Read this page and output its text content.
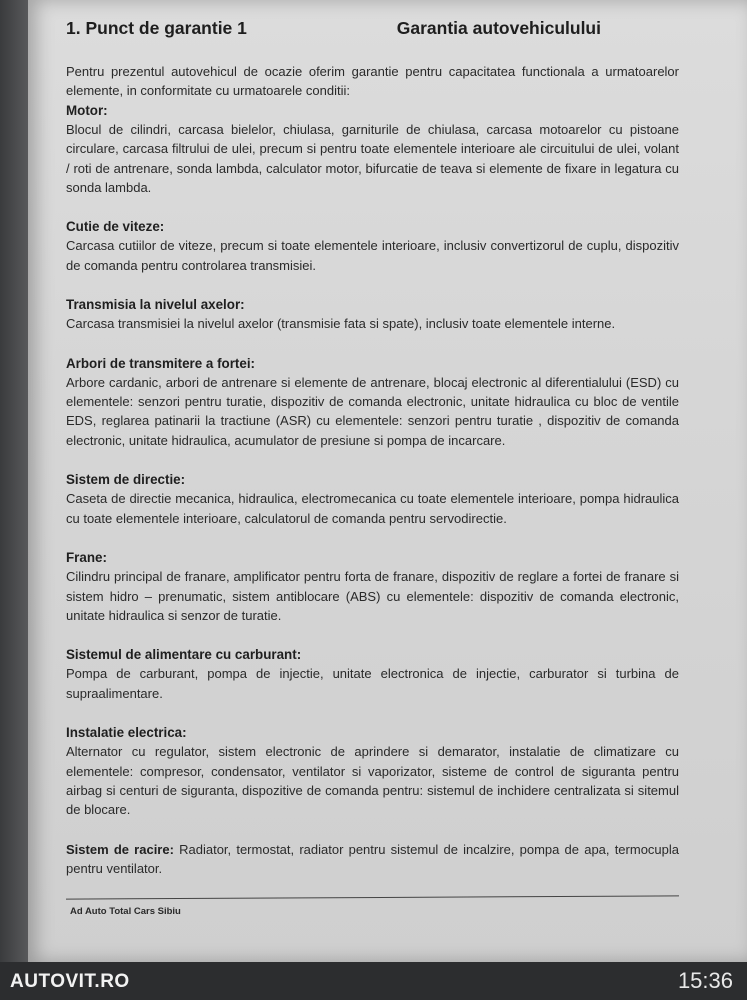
1. Punct de garantie 1	Garantia autovehiculului

Pentru prezentul autovehicul de ocazie oferim garantie pentru capacitatea functionala a urmatoarelor elemente, in conformitate cu urmatoarele conditii:

Motor:

Blocul de cilindri, carcasa bielelor, chiulasa, garniturile de chiulasa, carcasa motoarelor cu pistoane circulare, carcasa filtrului de ulei, precum si pentru toate elementele interioare ale circuitului de ulei, volant / roti de antrenare, sonda lambda, calculator motor, bifurcatie de teava si elemente de fixare in legatura cu sonda lambda.

Cutie de viteze:

Carcasa cutiilor de viteze, precum si toate elementele interioare, inclusiv convertizorul de cuplu, dispozitiv de comanda pentru controlarea transmisiei.

Transmisia la nivelul axelor:

Carcasa transmisiei la nivelul axelor (transmisie fata si spate), inclusiv toate elementele interne.

Arbori de transmitere a fortei:

Arbore cardanic, arbori de antrenare si elemente de antrenare, blocaj electronic al diferentialului (ESD) cu elementele: senzori pentru turatie, dispozitiv de comanda electronic, unitate hidraulica cu bloc de ventile EDS, reglarea patinarii la tractiune (ASR) cu elementele: senzori pentru turatie , dispozitiv de comanda electronic, unitate hidraulica, acumulator de presiune si pompa de incarcare.

Sistem de directie:

Caseta de directie mecanica, hidraulica, electromecanica cu toate elementele interioare, pompa hidraulica cu toate elementele interioare, calculatorul de comanda pentru servodirectie.

Frane:

Cilindru principal de franare, amplificator pentru forta de franare, dispozitiv de reglare a fortei de franare si sistem hidro – prenumatic, sistem antiblocare (ABS) cu elementele: dispozitiv de comanda electronic, unitate hidraulica si senzor de turatie.

Sistemul de alimentare cu carburant:

Pompa de carburant, pompa de injectie, unitate electronica de injectie, carburator si turbina de supraalimentare.

Instalatie electrica:

Alternator cu regulator, sistem electronic de aprindere si demarator, instalatie de climatizare cu elementele: compresor, condensator, ventilator si vaporizator, sisteme de control de siguranta pentru airbag si centuri de siguranta, dispozitive de comanda pentru: sistemul de inchidere centralizata si sitemul de blocare.

Sistem de racire: Radiator, termostat, radiator pentru sistemul de incalzire, pompa de apa, termocupla pentru ventilator.

Ad Auto Total Cars Sibiu
AUTOVIT.RO	15:36
